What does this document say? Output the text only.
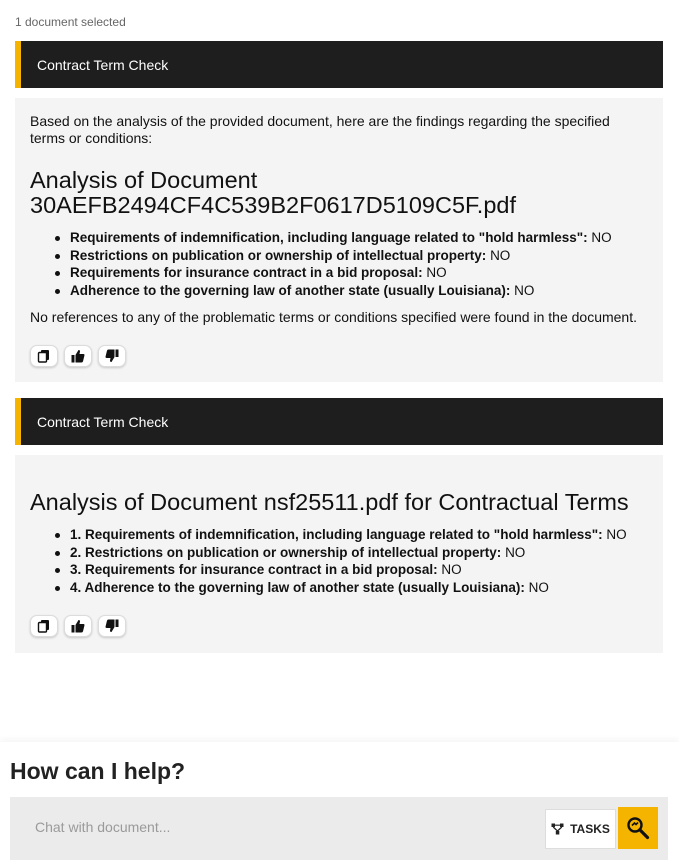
1 document selected
Contract Term Check

Based on the analysis of the provided document, here are the findings regarding the specified terms or conditions:

Analysis of Document 30AEFB2494CF4C539B2F0617D5109C5F.pdf
Requirements of indemnification, including language related to "hold harmless": NO
Restrictions on publication or ownership of intellectual property: NO
Requirements for insurance contract in a bid proposal: NO
Adherence to the governing law of another state (usually Louisiana): NO

No references to any of the problematic terms or conditions specified were found in the document.

Contract Term Check
Analysis of Document nsf25511.pdf for Contractual Terms
1. Requirements of indemnification, including language related to "hold harmless": NO
2. Restrictions on publication or ownership of intellectual property: NO
3. Requirements for insurance contract in a bid proposal: NO
4. Adherence to the governing law of another state (usually Louisiana): NO
How can I help?
Chat with document...
TASKS
